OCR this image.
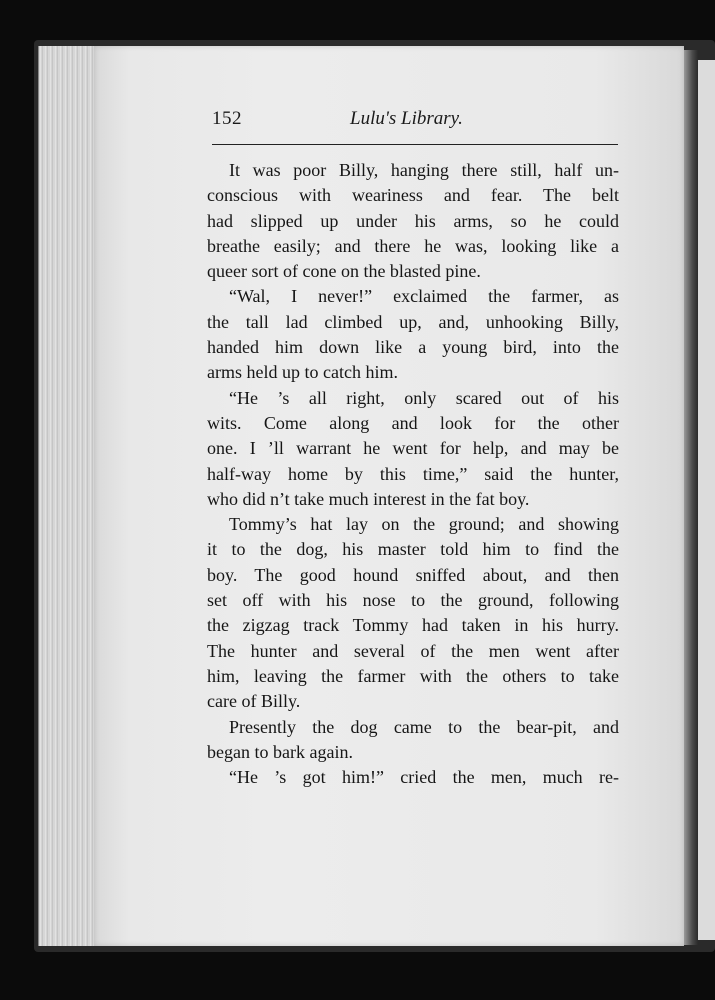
152	Lulu's Library.
It was poor Billy, hanging there still, half un-
conscious with weariness and fear. The belt
had slipped up under his arms, so he could
breathe easily; and there he was, looking like a
queer sort of cone on the blasted pine.
“Wal, I never!” exclaimed the farmer, as
the tall lad climbed up, and, unhooking Billy,
handed him down like a young bird, into the
arms held up to catch him.
“He ’s all right, only scared out of his
wits. Come along and look for the other
one. I ’ll warrant he went for help, and may be
half-way home by this time,” said the hunter,
who did n’t take much interest in the fat boy.
Tommy’s hat lay on the ground; and showing
it to the dog, his master told him to find the
boy. The good hound sniffed about, and then
set off with his nose to the ground, following
the zigzag track Tommy had taken in his hurry.
The hunter and several of the men went after
him, leaving the farmer with the others to take
care of Billy.
Presently the dog came to the bear-pit, and
began to bark again.
“He ’s got him!” cried the men, much re-
